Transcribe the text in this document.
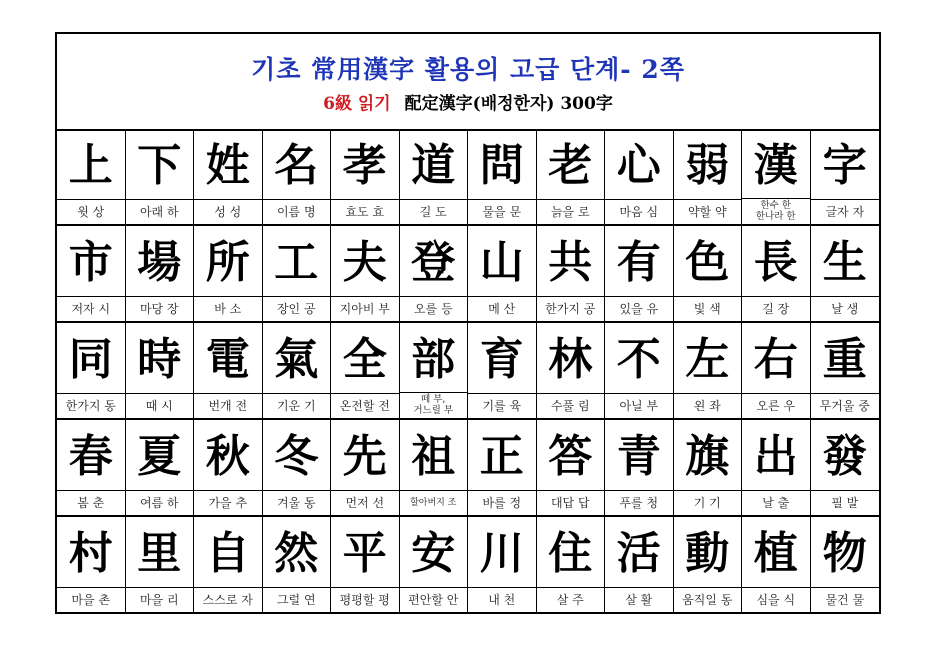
기초 常用漢字 활용의 고급 단계- 2쪽
6級 읽기 配定漢字(배정한자) 300字
上
윗 상
下
아래 하
姓
성 성
名
이름 명
孝
효도 효
道
길 도
問
물을 문
老
늙을 로
心
마음 심
弱
약할 약
漢
한수 한
한나라 한
字
글자 자
市
저자 시
場
마당 장
所
바 소
工
장인 공
夫
지아비 부
登
오를 등
山
메 산
共
한가지 공
有
있을 유
色
빛 색
長
길 장
生
날 생
同
한가지 동
時
때 시
電
번개 전
氣
기운 기
全
온전할 전
部
떼 부,
거느릴 부
育
기를 육
林
수풀 림
不
아닐 부
左
왼 좌
右
오른 우
重
무거울 중
春
봄 춘
夏
여름 하
秋
가을 추
冬
겨울 동
先
먼저 선
祖
할아버지 조
正
바를 정
答
대답 답
青
푸를 청
旗
기 기
出
날 출
發
필 발
村
마을 촌
里
마을 리
自
스스로 자
然
그럴 연
平
평평할 평
安
편안할 안
川
내 천
住
살 주
活
살 활
動
움직일 동
植
심을 식
物
물건 물
